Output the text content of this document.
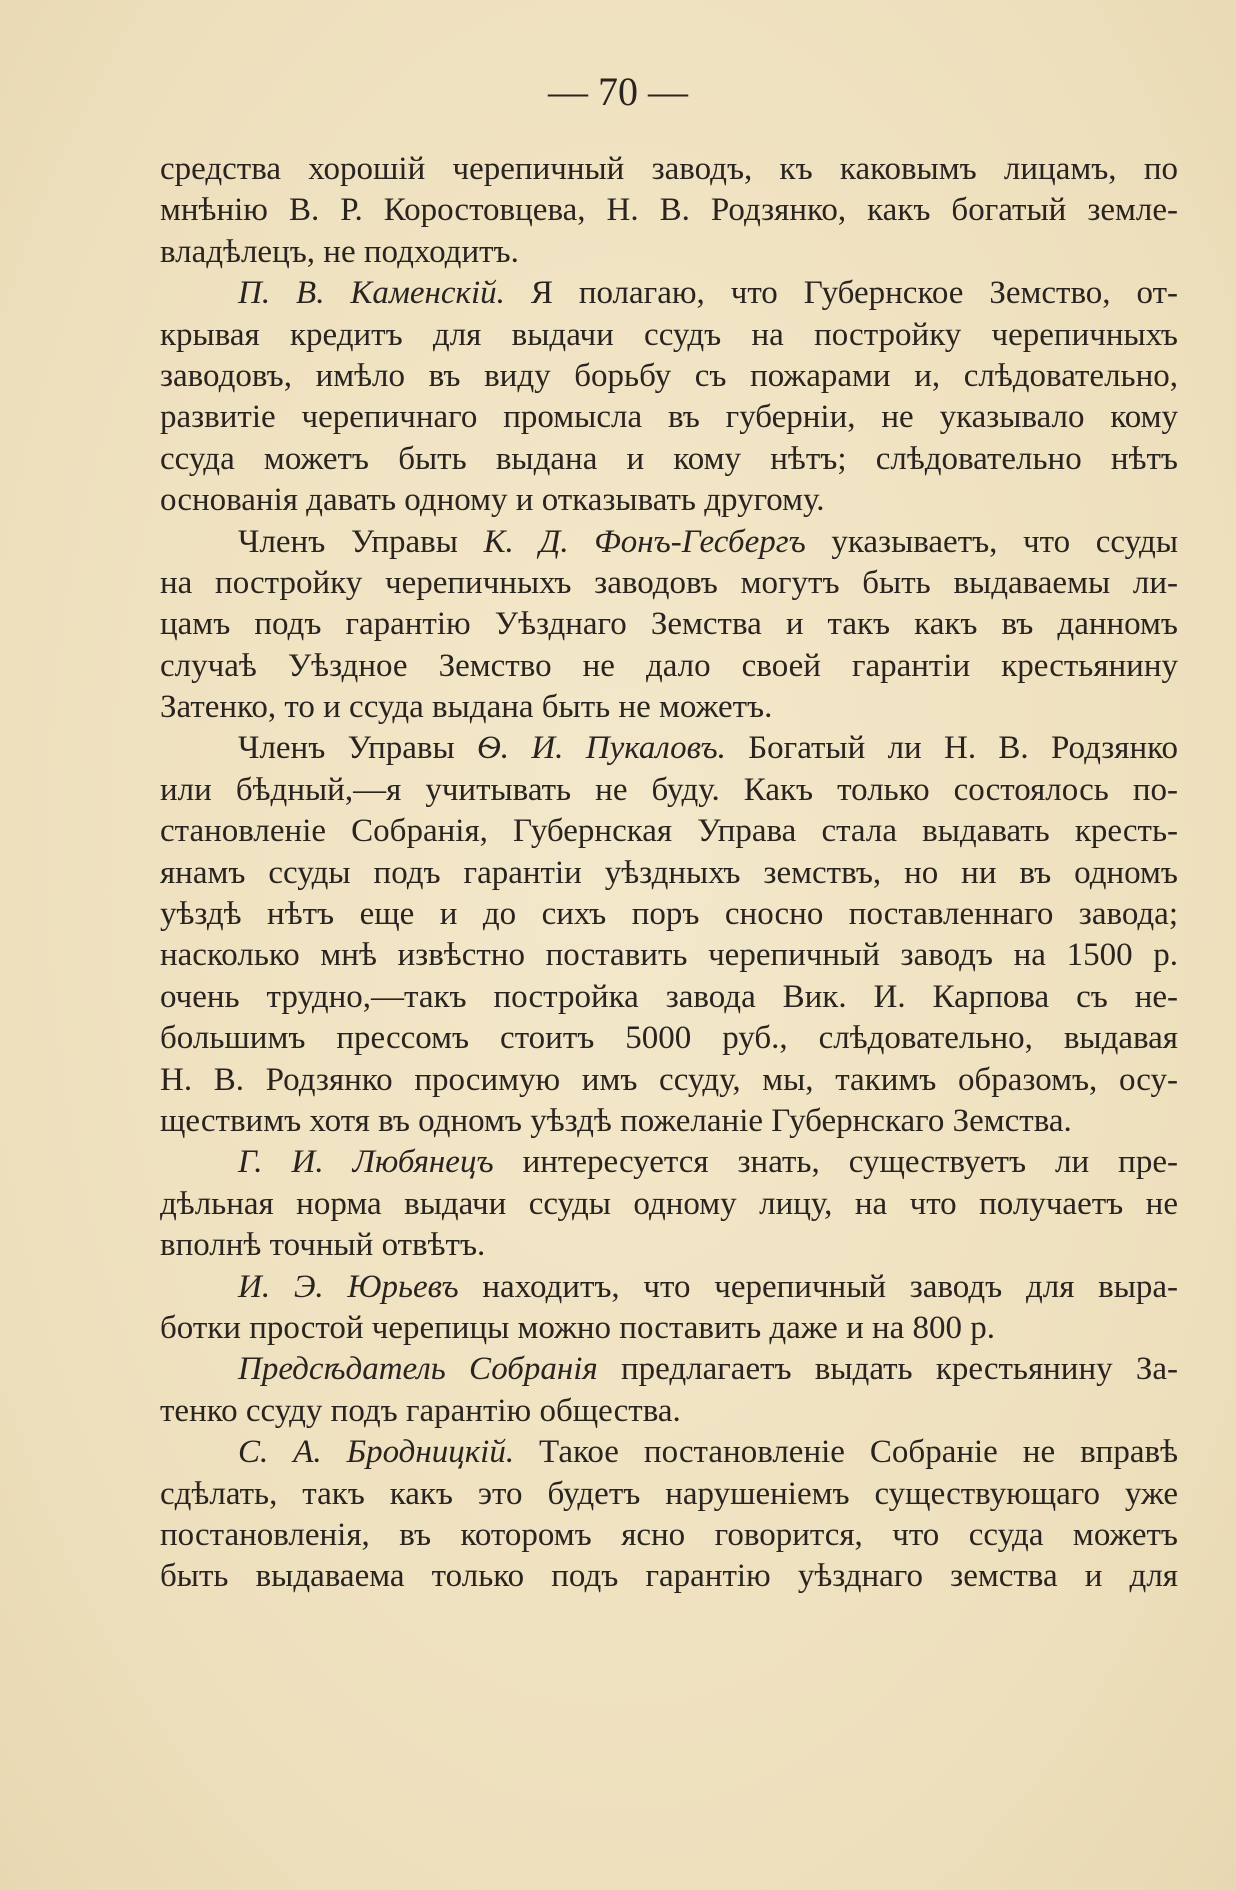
— 70 —
средства хорошій черепичный заводъ, къ каковымъ лицамъ, по
мнѣнію В. Р. Коростовцева, Н. В. Родзянко, какъ богатый земле-
владѣлецъ, не подходитъ.
П. В. Каменскій. Я полагаю, что Губернское Земство, от-
крывая кредитъ для выдачи ссудъ на постройку черепичныхъ
заводовъ, имѣло въ виду борьбу съ пожарами и, слѣдовательно,
развитіе черепичнаго промысла въ губерніи, не указывало кому
ссуда можетъ быть выдана и кому нѣтъ; слѣдовательно нѣтъ
основанія давать одному и отказывать другому.
Членъ Управы К. Д. Фонъ-Гесбергъ указываетъ, что ссуды
на постройку черепичныхъ заводовъ могутъ быть выдаваемы ли-
цамъ подъ гарантію Уѣзднаго Земства и такъ какъ въ данномъ
случаѣ Уѣздное Земство не дало своей гарантіи крестьянину
Затенко, то и ссуда выдана быть не можетъ.
Членъ Управы Ѳ. И. Пукаловъ. Богатый ли Н. В. Родзянко
или бѣдный,—я учитывать не буду. Какъ только состоялось по-
становленіе Собранія, Губернская Управа стала выдавать кресть-
янамъ ссуды подъ гарантіи уѣздныхъ земствъ, но ни въ одномъ
уѣздѣ нѣтъ еще и до сихъ поръ сносно поставленнаго завода;
насколько мнѣ извѣстно поставить черепичный заводъ на 1500 р.
очень трудно,—такъ постройка завода Вик. И. Карпова съ не-
большимъ прессомъ стоитъ 5000 руб., слѣдовательно, выдавая
Н. В. Родзянко просимую имъ ссуду, мы, такимъ образомъ, осу-
ществимъ хотя въ одномъ уѣздѣ пожеланіе Губернскаго Земства.
Г. И. Любянецъ интересуется знать, существуетъ ли пре-
дѣльная норма выдачи ссуды одному лицу, на что получаетъ не
вполнѣ точный отвѣтъ.
И. Э. Юрьевъ находитъ, что черепичный заводъ для выра-
ботки простой черепицы можно поставить даже и на 800 р.
Предсѣдатель Собранія предлагаетъ выдать крестьянину За-
тенко ссуду подъ гарантію общества.
С. А. Бродницкій. Такое постановленіе Собраніе не вправѣ
сдѣлать, такъ какъ это будетъ нарушеніемъ существующаго уже
постановленія, въ которомъ ясно говорится, что ссуда можетъ
быть выдаваема только подъ гарантію уѣзднаго земства и для
